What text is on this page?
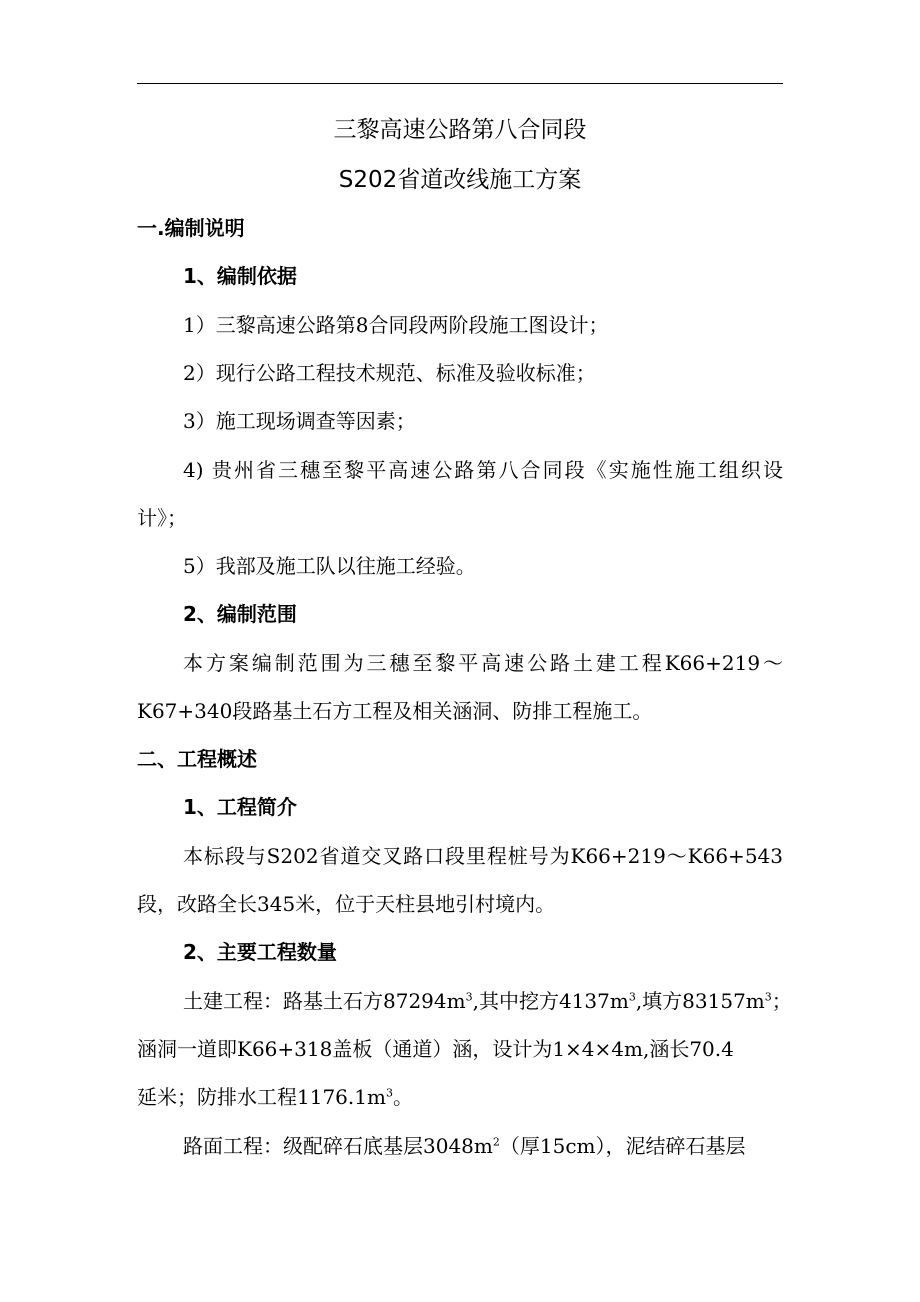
三黎高速公路第八合同段
S202省道改线施工方案
一.编制说明
1、编制依据
1）三黎高速公路第8合同段两阶段施工图设计；
2）现行公路工程技术规范、标准及验收标准；
3）施工现场调查等因素；
4) 贵州省三穗至黎平高速公路第八合同段《实施性施工组织设
计》；
5）我部及施工队以往施工经验。
2、编制范围
本方案编制范围为三穗至黎平高速公路土建工程K66+219～
K67+340段路基土石方工程及相关涵洞、防排工程施工。
二、工程概述
1、工程简介
本标段与S202省道交叉路口段里程桩号为K66+219～K66+543
段，改路全长345米，位于天柱县地引村境内。
2、主要工程数量
土建工程：路基土石方$87294m^3$,其中挖方$4137m^3$,填方$83157m^3$；
涵洞一道即K66+318盖板（通道）涵，设计为1×4×4m,涵长70.4
延米；防排水工程$1176.1m^3$。
路面工程：级配碎石底基层$3048m^2$（厚15cm），泥结碎石基层
